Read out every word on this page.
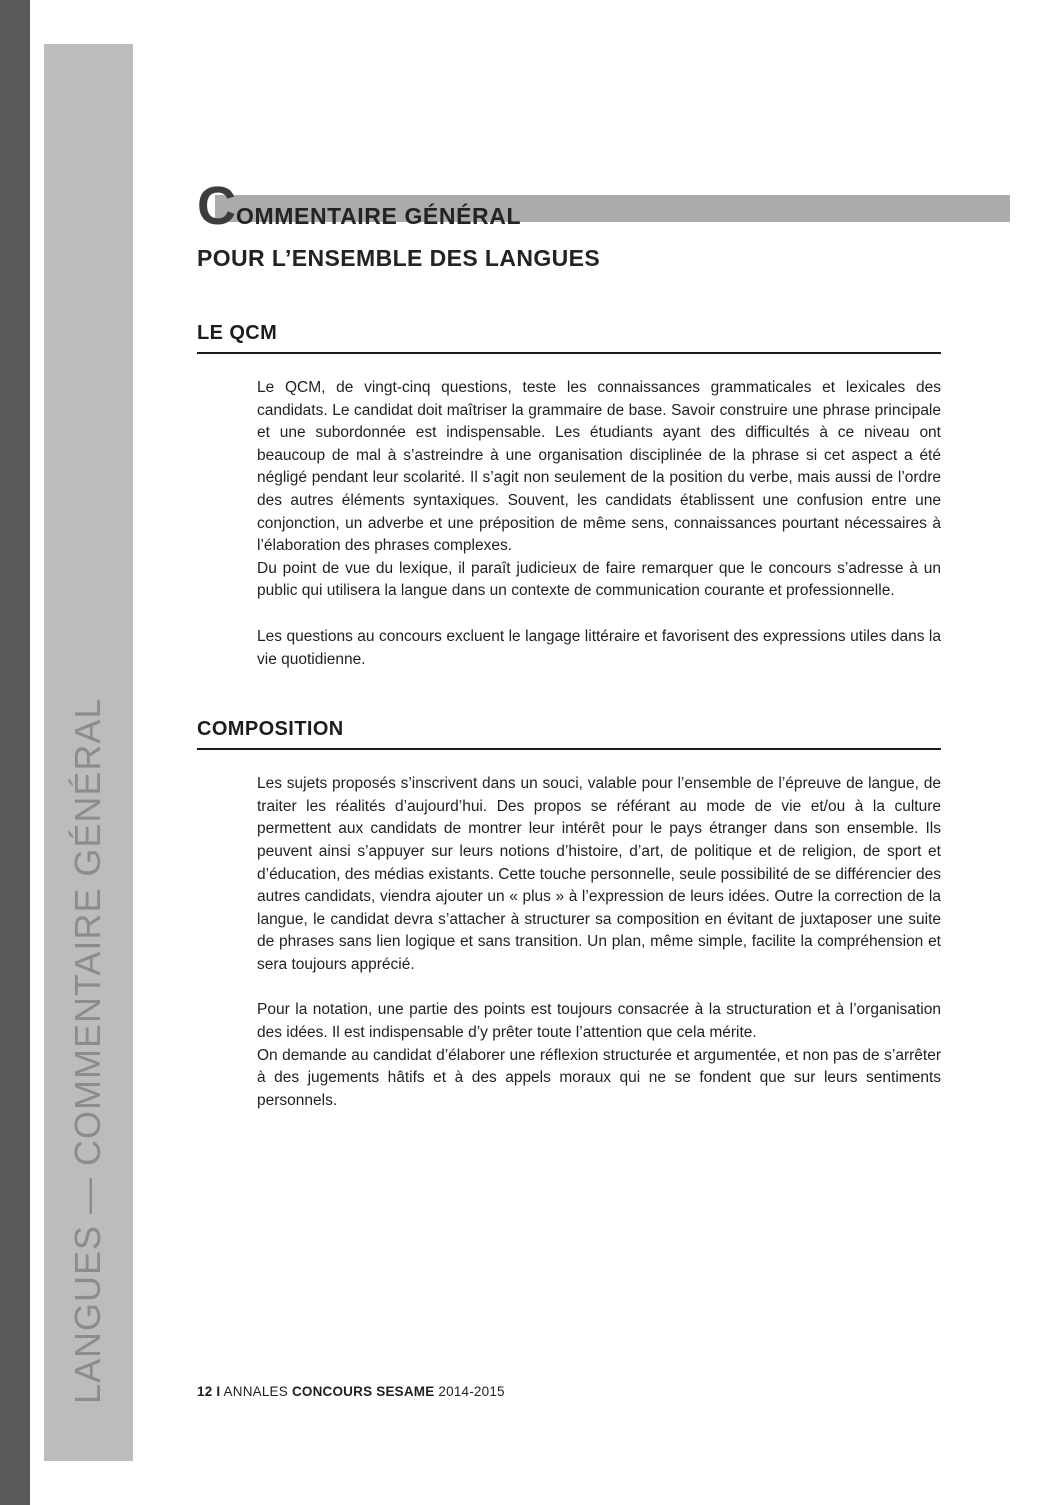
LANGUES — COMMENTAIRE GÉNÉRAL
COMMENTAIRE GÉNÉRAL
POUR L’ENSEMBLE DES LANGUES
LE QCM

Le QCM, de vingt-cinq questions, teste les connaissances grammaticales et lexicales des candidats. Le candidat doit maîtriser la grammaire de base. Savoir construire une phrase principale et une subordonnée est indispensable. Les étudiants ayant des difficultés à ce niveau ont beaucoup de mal à s’astreindre à une organisation disciplinée de la phrase si cet aspect a été négligé pendant leur scolarité. Il s’agit non seulement de la position du verbe, mais aussi de l’ordre des autres éléments syntaxiques. Souvent, les candidats établissent une confusion entre une conjonction, un adverbe et une préposition de même sens, connaissances pourtant nécessaires à l’élaboration des phrases complexes.

Du point de vue du lexique, il paraît judicieux de faire remarquer que le concours s’adresse à un public qui utilisera la langue dans un contexte de communication courante et professionnelle.

Les questions au concours excluent le langage littéraire et favorisent des expressions utiles dans la vie quotidienne.

COMPOSITION

Les sujets proposés s’inscrivent dans un souci, valable pour l’ensemble de l’épreuve de langue, de traiter les réalités d’aujourd’hui. Des propos se référant au mode de vie et/ou à la culture permettent aux candidats de montrer leur intérêt pour le pays étranger dans son ensemble. Ils peuvent ainsi s’appuyer sur leurs notions d’histoire, d’art, de politique et de religion, de sport et d’éducation, des médias existants. Cette touche personnelle, seule possibilité de se différencier des autres candidats, viendra ajouter un « plus » à l’expression de leurs idées. Outre la correction de la langue, le candidat devra s’attacher à structurer sa composition en évitant de juxtaposer une suite de phrases sans lien logique et sans transition. Un plan, même simple, facilite la compréhension et sera toujours apprécié.

Pour la notation, une partie des points est toujours consacrée à la structuration et à l’organisation des idées. Il est indispensable d’y prêter toute l’attention que cela mérite.

On demande au candidat d’élaborer une réflexion structurée et argumentée, et non pas de s’arrêter à des jugements hâtifs et à des appels moraux qui ne se fondent que sur leurs sentiments personnels.

12 I ANNALES CONCOURS SESAME 2014-2015
